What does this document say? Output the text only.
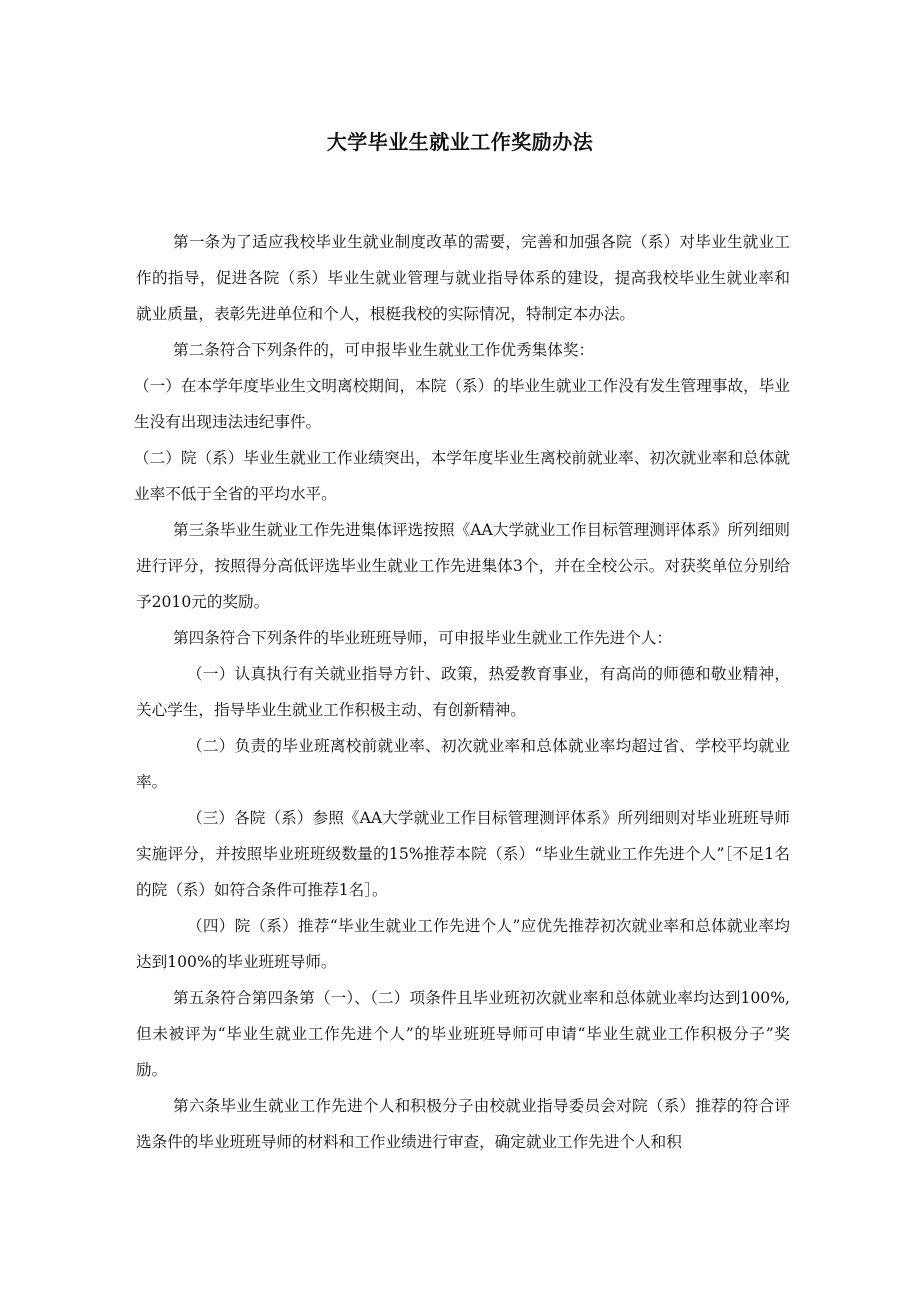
大学毕业生就业工作奖励办法

第一条为了适应我校毕业生就业制度改革的需要，完善和加强各院（系）对毕业生就业工作的指导，促进各院（系）毕业生就业管理与就业指导体系的建设，提高我校毕业生就业率和就业质量，表彰先进单位和个人，根梃我校的实际情况，特制定本办法。

第二条符合下列条件的，可申报毕业生就业工作优秀集体奖：

（一）在本学年度毕业生文明离校期间，本院（系）的毕业生就业工作没有发生管理事故，毕业生没有出现违法违纪事件。

（二）院（系）毕业生就业工作业绩突出，本学年度毕业生离校前就业率、初次就业率和总体就业率不低于全省的平均水平。

第三条毕业生就业工作先进集体评选按照《AA大学就业工作目标管理测评体系》所列细则进行评分，按照得分高低评选毕业生就业工作先进集体3个，并在全校公示。对获奖单位分别给予2010元的奖励。

第四条符合下列条件的毕业班班导师，可申报毕业生就业工作先进个人：

（一）认真执行有关就业指导方针、政策，热爱教育事业，有高尚的师德和敬业精神，关心学生，指导毕业生就业工作积极主动、有创新精神。

（二）负责的毕业班离校前就业率、初次就业率和总体就业率均超过省、学校平均就业率。

（三）各院（系）参照《AA大学就业工作目标管理测评体系》所列细则对毕业班班导师实施评分，并按照毕业班班级数量的15%推荐本院（系）“毕业生就业工作先进个人”［不足1名的院（系）如符合条件可推荐1名］。

（四）院（系）推荐“毕业生就业工作先进个人”应优先推荐初次就业率和总体就业率均达到100%的毕业班班导师。

第五条符合第四条第（一）、（二）项条件且毕业班初次就业率和总体就业率均达到100%,但未被评为“毕业生就业工作先进个人”的毕业班班导师可申请“毕业生就业工作积极分子”奖励。

第六条毕业生就业工作先进个人和积极分子由校就业指导委员会对院（系）推荐的符合评选条件的毕业班班导师的材料和工作业绩进行审查，确定就业工作先进个人和积
